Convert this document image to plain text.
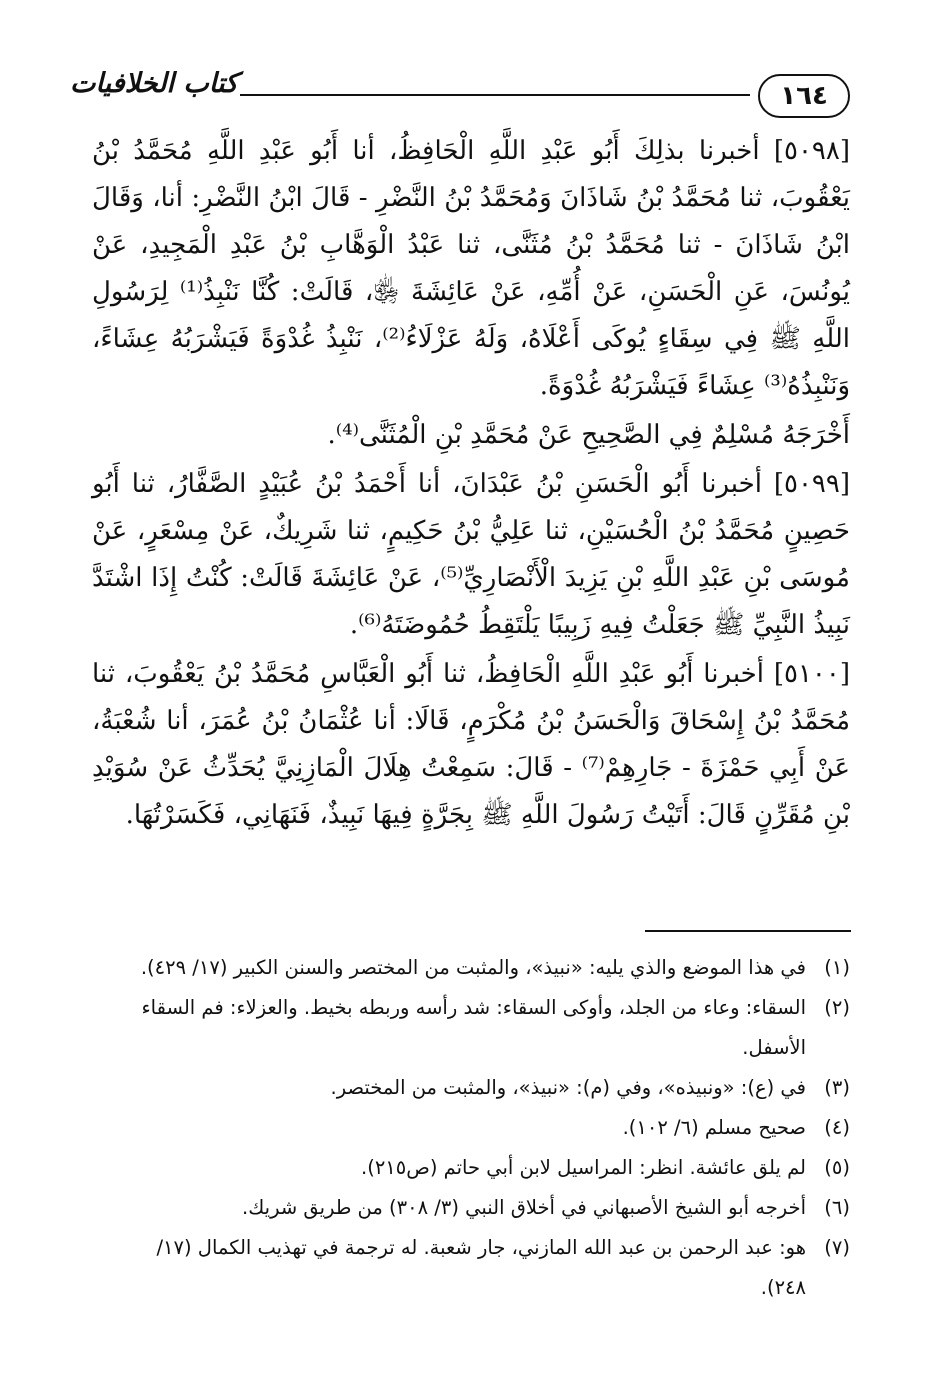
١٦٤
كتاب الخلافيات

[٥٠٩٨] أخبرنا بذلِكَ أَبُو عَبْدِ اللَّهِ الْحَافِظُ، أنا أَبُو عَبْدِ اللَّهِ مُحَمَّدُ بْنُ يَعْقُوبَ، ثنا مُحَمَّدُ بْنُ شَاذَانَ وَمُحَمَّدُ بْنُ النَّضْرِ - قَالَ ابْنُ النَّضْرِ: أنا، وَقَالَ ابْنُ شَاذَانَ - ثنا مُحَمَّدُ بْنُ مُثَنَّى، ثنا عَبْدُ الْوَهَّابِ بْنُ عَبْدِ الْمَجِيدِ، عَنْ يُونُسَ، عَنِ الْحَسَنِ، عَنْ أُمِّهِ، عَنْ عَائِشَةَ ﵂، قَالَتْ: كُنَّا نَنْبِذُ⁽¹⁾ لِرَسُولِ اللَّهِ ﷺ فِي سِقَاءٍ يُوكَى أَعْلَاهُ، وَلَهُ عَزْلَاءُ⁽²⁾، نَنْبِذُ غُدْوَةً فَيَشْرَبُهُ عِشَاءً، وَنَنْبِذُهُ⁽³⁾ عِشَاءً فَيَشْرَبُهُ غُدْوَةً.

أَخْرَجَهُ مُسْلِمٌ فِي الصَّحِيحِ عَنْ مُحَمَّدِ بْنِ الْمُثَنَّى⁽⁴⁾.

[٥٠٩٩] أخبرنا أَبُو الْحَسَنِ بْنُ عَبْدَانَ، أنا أَحْمَدُ بْنُ عُبَيْدٍ الصَّفَّارُ، ثنا أَبُو حَصِينٍ مُحَمَّدُ بْنُ الْحُسَيْنِ، ثنا عَلِيُّ بْنُ حَكِيمٍ، ثنا شَرِيكٌ، عَنْ مِسْعَرٍ، عَنْ مُوسَى بْنِ عَبْدِ اللَّهِ بْنِ يَزِيدَ الْأَنْصَارِيِّ⁽⁵⁾، عَنْ عَائِشَةَ قَالَتْ: كُنْتُ إِذَا اشْتَدَّ نَبِيذُ النَّبِيِّ ﷺ جَعَلْتُ فِيهِ زَبِيبًا يَلْتَقِطُ حُمُوضَتَهُ⁽⁶⁾.

[٥١٠٠] أخبرنا أَبُو عَبْدِ اللَّهِ الْحَافِظُ، ثنا أَبُو الْعَبَّاسِ مُحَمَّدُ بْنُ يَعْقُوبَ، ثنا مُحَمَّدُ بْنُ إِسْحَاقَ وَالْحَسَنُ بْنُ مُكْرَمٍ، قَالَا: أنا عُثْمَانُ بْنُ عُمَرَ، أنا شُعْبَةُ، عَنْ أَبِي حَمْزَةَ - جَارِهِمْ⁽⁷⁾ - قَالَ: سَمِعْتُ هِلَالَ الْمَازِنِيَّ يُحَدِّثُ عَنْ سُوَيْدِ بْنِ مُقَرِّنٍ قَالَ: أَتَيْتُ رَسُولَ اللَّهِ ﷺ بِجَرَّةٍ فِيهَا نَبِيذٌ، فَنَهَانِي، فَكَسَرْتُهَا.

(١)
في هذا الموضع والذي يليه: «نبيذ»، والمثبت من المختصر والسنن الكبير (١٧/ ٤٢٩).
(٢)
السقاء: وعاء من الجلد، وأوكى السقاء: شد رأسه وربطه بخيط. والعزلاء: فم السقاء الأسفل.
(٣)
في (ع): «ونبيذه»، وفي (م): «نبيذ»، والمثبت من المختصر.
(٤)
صحيح مسلم (٦/ ١٠٢).
(٥)
لم يلق عائشة. انظر: المراسيل لابن أبي حاتم (ص٢١٥).
(٦)
أخرجه أبو الشيخ الأصبهاني في أخلاق النبي (٣/ ٣٠٨) من طريق شريك.
(٧)
هو: عبد الرحمن بن عبد الله المازني، جار شعبة. له ترجمة في تهذيب الكمال (١٧/ ٢٤٨).
